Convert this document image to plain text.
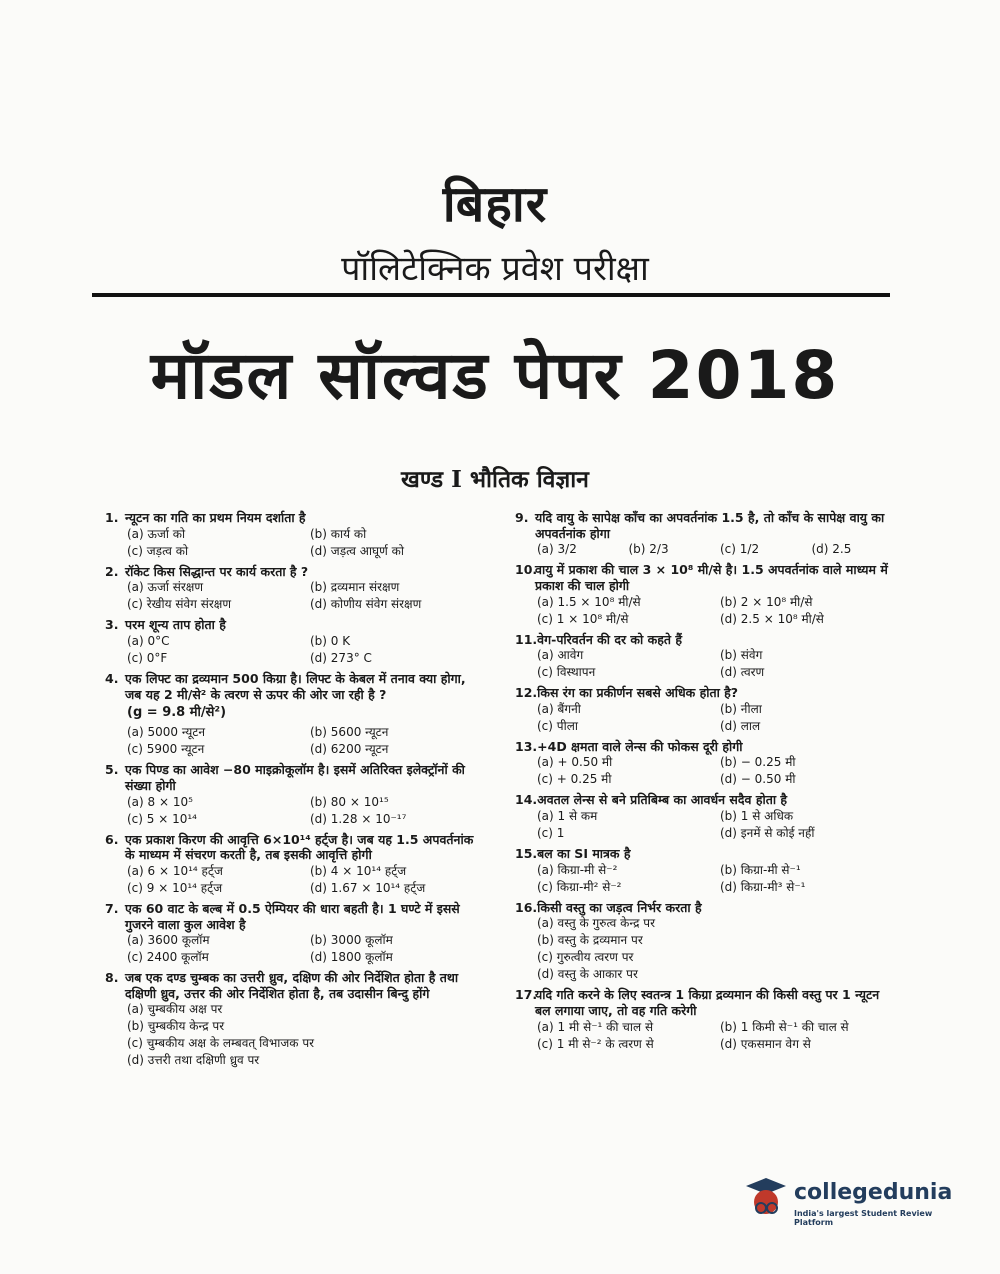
बिहार
पॉलिटेक्निक प्रवेश परीक्षा
मॉडल सॉल्वड पेपर 2018
खण्ड I भौतिक विज्ञान
1. न्यूटन का गति का प्रथम नियम दर्शाता है
(a) ऊर्जा को	(b) कार्य को
(c) जड़त्व को	(d) जड़त्व आघूर्ण को
2. रॉकेट किस सिद्धान्त पर कार्य करता है ?
(a) ऊर्जा संरक्षण	(b) द्रव्यमान संरक्षण
(c) रेखीय संवेग संरक्षण	(d) कोणीय संवेग संरक्षण
3. परम शून्य ताप होता है
(a) 0°C	(b) 0 K
(c) 0°F	(d) 273° C
4. एक लिफ्ट का द्रव्यमान 500 किग्रा है। लिफ्ट के केबल में तनाव क्या होगा, जब यह 2 मी/से² के त्वरण से ऊपर की ओर जा रही है ?
(g = 9.8 मी/से²)
(a) 5000 न्यूटन	(b) 5600 न्यूटन
(c) 5900 न्यूटन	(d) 6200 न्यूटन
5. एक पिण्ड का आवेश −80 माइक्रोकूलॉम है। इसमें अतिरिक्त इलेक्ट्रॉनों की संख्या होगी
(a) 8 × 10⁵	(b) 80 × 10¹⁵
(c) 5 × 10¹⁴	(d) 1.28 × 10⁻¹⁷
6. एक प्रकाश किरण की आवृत्ति 6×10¹⁴ हर्ट्ज है। जब यह 1.5 अपवर्तनांक के माध्यम में संचरण करती है, तब इसकी आवृत्ति होगी
(a) 6 × 10¹⁴ हर्ट्ज	(b) 4 × 10¹⁴ हर्ट्ज
(c) 9 × 10¹⁴ हर्ट्ज	(d) 1.67 × 10¹⁴ हर्ट्ज
7. एक 60 वाट के बल्ब में 0.5 ऐम्पियर की धारा बहती है। 1 घण्टे में इससे गुजरने वाला कुल आवेश है
(a) 3600 कूलॉम	(b) 3000 कूलॉम
(c) 2400 कूलॉम	(d) 1800 कूलॉम
8. जब एक दण्ड चुम्बक का उत्तरी ध्रुव, दक्षिण की ओर निर्देशित होता है तथा दक्षिणी ध्रुव, उत्तर की ओर निर्देशित होता है, तब उदासीन बिन्दु होंगे
(a) चुम्बकीय अक्ष पर
(b) चुम्बकीय केन्द्र पर
(c) चुम्बकीय अक्ष के लम्बवत् विभाजक पर
(d) उत्तरी तथा दक्षिणी ध्रुव पर
9. यदि वायु के सापेक्ष काँच का अपवर्तनांक 1.5 है, तो काँच के सापेक्ष वायु का अपवर्तनांक होगा
(a) 3/2	(b) 2/3	(c) 1/2	(d) 2.5
10.
वायु में प्रकाश की चाल 3 × 10⁸ मी/से है। 1.5 अपवर्तनांक वाले माध्यम में प्रकाश की चाल होगी
(a) 1.5 × 10⁸ मी/से	(b) 2 × 10⁸ मी/से
(c) 1 × 10⁸ मी/से	(d) 2.5 × 10⁸ मी/से
11. वेग-परिवर्तन की दर को कहते हैं
(a) आवेग	(b) संवेग
(c) विस्थापन	(d) त्वरण
12. किस रंग का प्रकीर्णन सबसे अधिक होता है?
(a) बैंगनी	(b) नीला
(c) पीला	(d) लाल
13. +4D क्षमता वाले लेन्स की फोकस दूरी होगी
(a) + 0.50 मी	(b) − 0.25 मी
(c) + 0.25 मी	(d) − 0.50 मी
14. अवतल लेन्स से बने प्रतिबिम्ब का आवर्धन सदैव होता है
(a) 1 से कम	(b) 1 से अधिक
(c) 1	(d) इनमें से कोई नहीं
15. बल का SI मात्रक है
(a) किग्रा-मी से⁻²	(b) किग्रा-मी से⁻¹
(c) किग्रा-मी² से⁻²	(d) किग्रा-मी³ से⁻¹
16. किसी वस्तु का जड़त्व निर्भर करता है
(a) वस्तु के गुरुत्व केन्द्र पर
(b) वस्तु के द्रव्यमान पर
(c) गुरुत्वीय त्वरण पर
(d) वस्तु के आकार पर
17.
यदि गति करने के लिए स्वतन्त्र 1 किग्रा द्रव्यमान की किसी वस्तु पर 1 न्यूटन बल लगाया जाए, तो वह गति करेगी
(a) 1 मी से⁻¹ की चाल से	(b) 1 किमी से⁻¹ की चाल से
(c) 1 मी से⁻² के त्वरण से	(d) एकसमान वेग से
collegedunia
India's largest Student Review Platform
